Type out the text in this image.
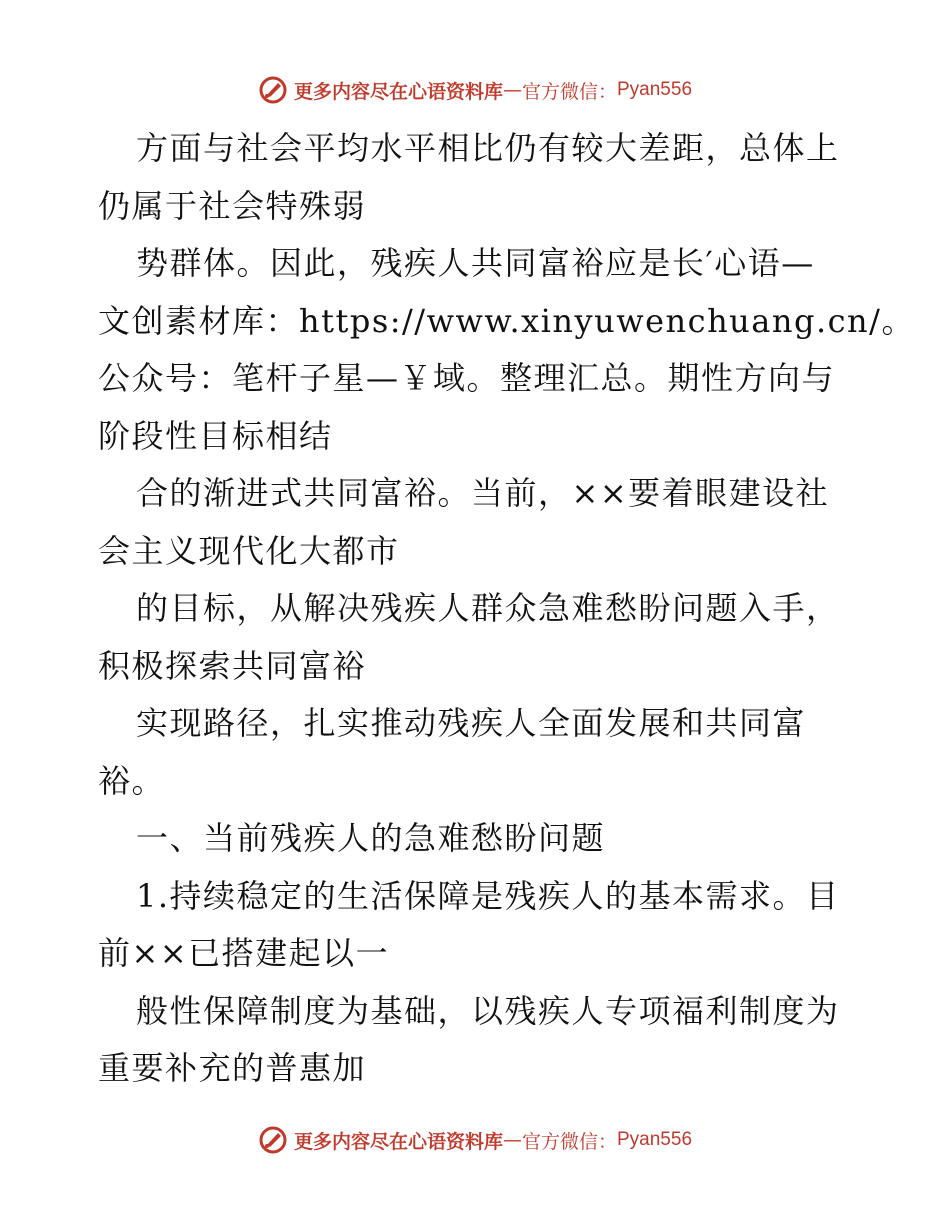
更多内容尽在心语资料库 — 官方微信： Pyan556
方面与社会平均水平相比仍有较大差距，总体上
仍属于社会特殊弱
势群体。因此，残疾人共同富裕应是长′心语—
文创素材库：https://www.xinyuwenchuang.cn/。
公众号：笔杆子星—￥域。整理汇总。期性方向与
阶段性目标相结
合的渐进式共同富裕。当前，××要着眼建设社
会主义现代化大都市
的目标，从解决残疾人群众急难愁盼问题入手，
积极探索共同富裕
实现路径，扎实推动残疾人全面发展和共同富
裕。
一、当前残疾人的急难愁盼问题
1.持续稳定的生活保障是残疾人的基本需求。目
前××已搭建起以一
般性保障制度为基础，以残疾人专项福利制度为
重要补充的普惠加
更多内容尽在心语资料库 — 官方微信： Pyan556
